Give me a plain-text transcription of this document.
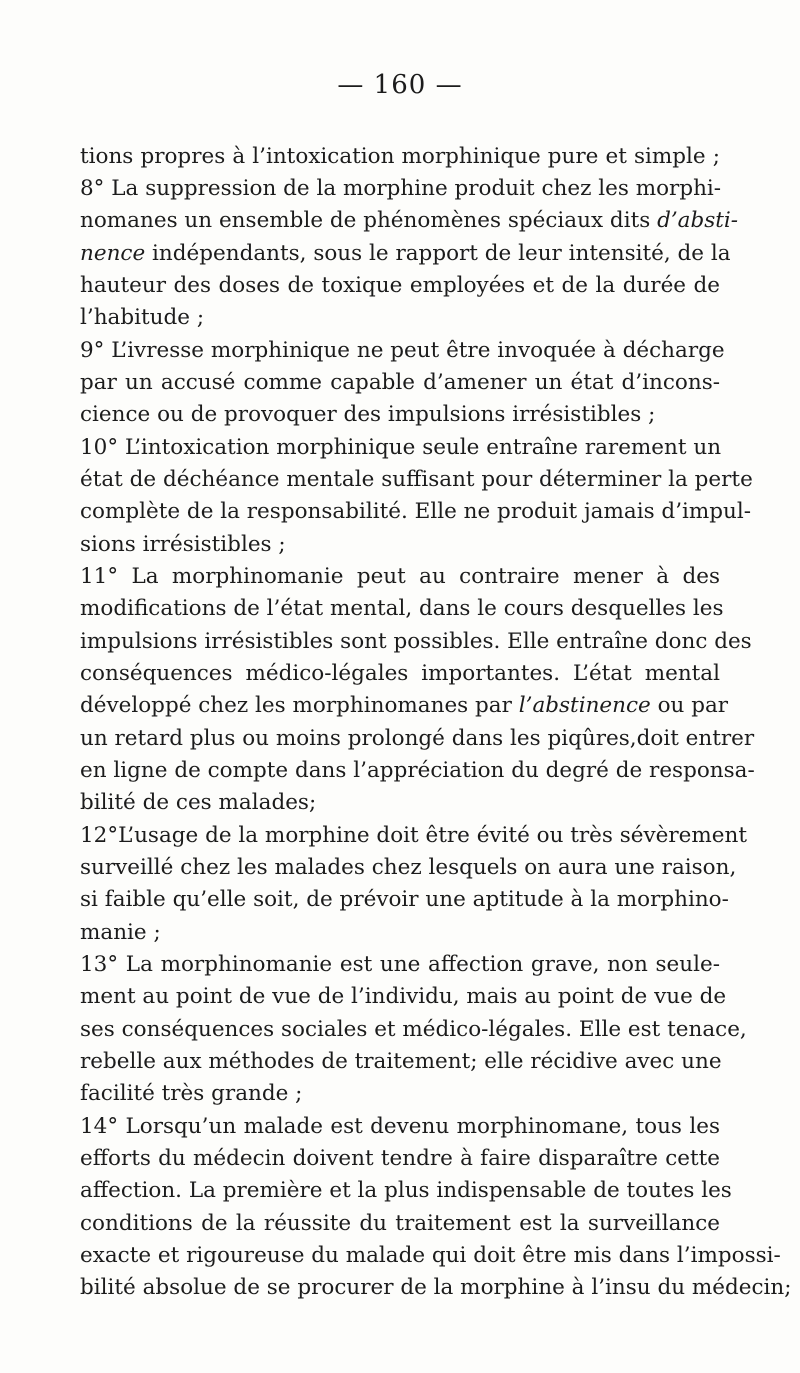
— 160 —
tions propres à l’intoxication morphinique pure et simple ;
8° La suppression de la morphine produit chez les morphi-
nomanes un ensemble de phénomènes spéciaux dits d’absti-
nence indépendants, sous le rapport de leur intensité, de la
hauteur des doses de toxique employées et de la durée de
l’habitude ;
9° L’ivresse morphinique ne peut être invoquée à décharge
par un accusé comme capable d’amener un état d’incons-
cience ou de provoquer des impulsions irrésistibles ;
10° L’intoxication morphinique seule entraîne rarement un
état de déchéance mentale suffisant pour déterminer la perte
complète de la responsabilité. Elle ne produit jamais d’impul-
sions irrésistibles ;
11° La morphinomanie peut au contraire mener à des
modifications de l’état mental, dans le cours desquelles les
impulsions irrésistibles sont possibles. Elle entraîne donc des
conséquences médico-légales importantes. L’état mental
développé chez les morphinomanes par l’abstinence ou par
un retard plus ou moins prolongé dans les piqûres,doit entrer
en ligne de compte dans l’appréciation du degré de responsa-
bilité de ces malades;
12°L’usage de la morphine doit être évité ou très sévèrement
surveillé chez les malades chez lesquels on aura une raison,
si faible qu’elle soit, de prévoir une aptitude à la morphino-
manie ;
13° La morphinomanie est une affection grave, non seule-
ment au point de vue de l’individu, mais au point de vue de
ses conséquences sociales et médico-légales. Elle est tenace,
rebelle aux méthodes de traitement; elle récidive avec une
facilité très grande ;
14° Lorsqu’un malade est devenu morphinomane, tous les
efforts du médecin doivent tendre à faire disparaître cette
affection. La première et la plus indispensable de toutes les
conditions de la réussite du traitement est la surveillance
exacte et rigoureuse du malade qui doit être mis dans l’impossi-
bilité absolue de se procurer de la morphine à l’insu du médecin;
